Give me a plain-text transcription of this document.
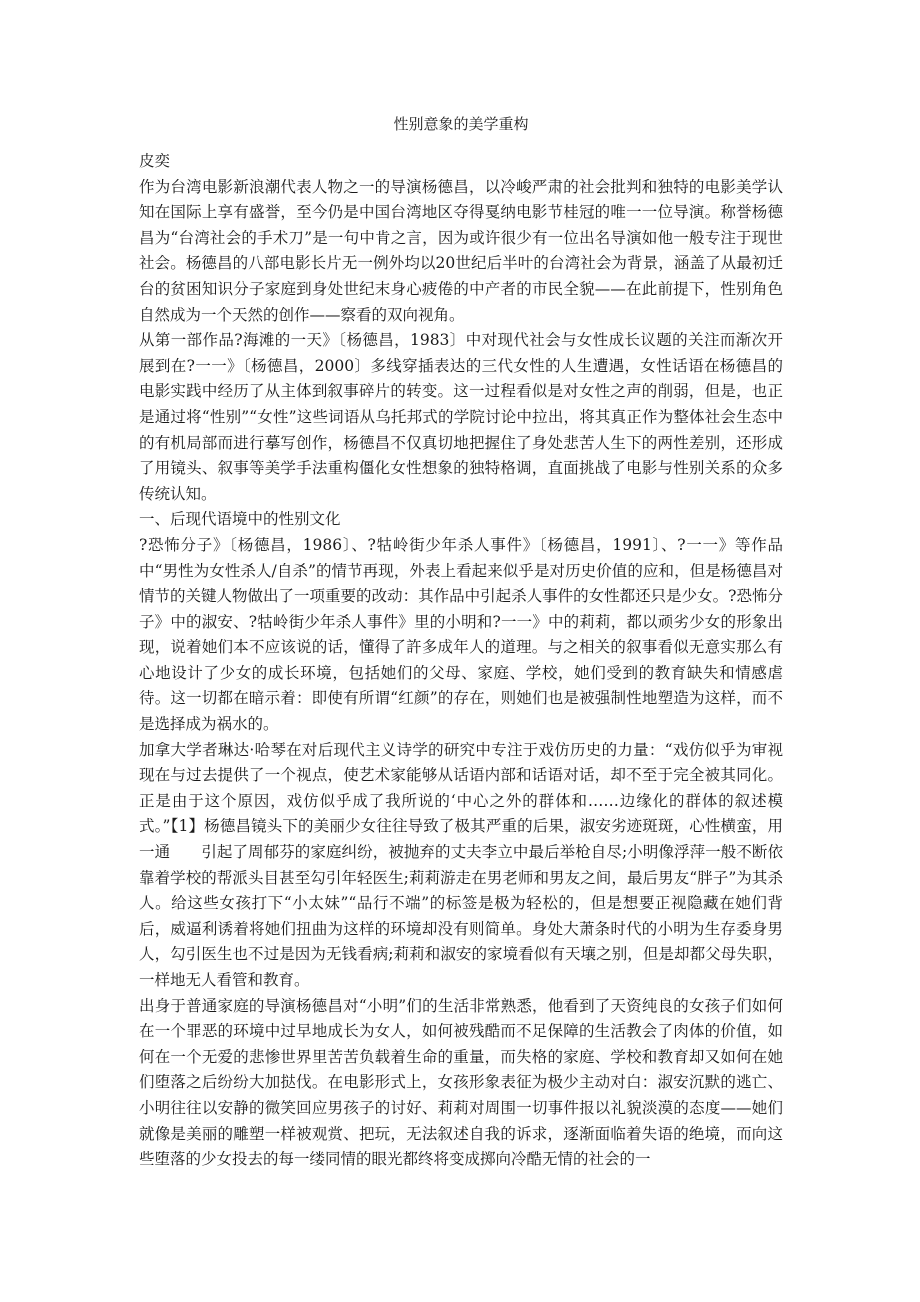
性别意象的美学重构

皮奕

作为台湾电影新浪潮代表人物之一的导演杨德昌，以冷峻严肃的社会批判和独特的电影美学认知在国际上享有盛誉，至今仍是中国台湾地区夺得戛纳电影节桂冠的唯一一位导演。称誉杨德昌为“台湾社会的手术刀”是一句中肯之言，因为或许很少有一位出名导演如他一般专注于现世社会。杨德昌的八部电影长片无一例外均以20世纪后半叶的台湾社会为背景，涵盖了从最初迁台的贫困知识分子家庭到身处世纪末身心疲倦的中产者的市民全貌——在此前提下，性别角色自然成为一个天然的创作——察看的双向视角。

从第一部作品?海滩的一天》〔杨德昌，1983〕中对现代社会与女性成长议题的关注而渐次开展到在?一一》〔杨德昌，2000〕多线穿插表达的三代女性的人生遭遇，女性话语在杨德昌的电影实践中经历了从主体到叙事碎片的转变。这一过程看似是对女性之声的削弱，但是，也正是通过将“性别”“女性”这些词语从乌托邦式的学院讨论中拉出，将其真正作为整体社会生态中的有机局部而进行摹写创作，杨德昌不仅真切地把握住了身处悲苦人生下的两性差别，还形成了用镜头、叙事等美学手法重构僵化女性想象的独特格调，直面挑战了电影与性别关系的众多传统认知。

一、后现代语境中的性别文化

?恐怖分子》〔杨德昌，1986〕、?牯岭街少年杀人事件》〔杨德昌，1991〕、?一一》等作品中“男性为女性杀人/自杀”的情节再现，外表上看起来似乎是对历史价值的应和，但是杨德昌对情节的关键人物做出了一项重要的改动：其作品中引起杀人事件的女性都还只是少女。?恐怖分子》中的淑安、?牯岭街少年杀人事件》里的小明和?一一》中的莉莉，都以顽劣少女的形象出现，说着她们本不应该说的话，懂得了許多成年人的道理。与之相关的叙事看似无意实那么有心地设计了少女的成长环境，包括她们的父母、家庭、学校，她们受到的教育缺失和情感虐待。这一切都在暗示着：即使有所谓“红颜”的存在，则她们也是被强制性地塑造为这样，而不是选择成为祸水的。

加拿大学者琳达·哈琴在对后现代主义诗学的研究中专注于戏仿历史的力量：“戏仿似乎为审视现在与过去提供了一个视点，使艺术家能够从话语内部和话语对话，却不至于完全被其同化。正是由于这个原因，戏仿似乎成了我所说的‘中心之外的群体和……边缘化的群体的叙述模式。”【1】杨德昌镜头下的美丽少女往往导致了极其严重的后果，淑安劣迹斑斑，心性横蛮，用一通　　引起了周郁芬的家庭纠纷，被抛弃的丈夫李立中最后举枪自尽;小明像浮萍一般不断依靠着学校的帮派头目甚至勾引年轻医生;莉莉游走在男老师和男友之间，最后男友“胖子”为其杀人。给这些女孩打下“小太妹”“品行不端”的标签是极为轻松的，但是想要正视隐藏在她们背后，威逼利诱着将她们扭曲为这样的环境却没有则简单。身处大萧条时代的小明为生存委身男人，勾引医生也不过是因为无钱看病;莉莉和淑安的家境看似有天壤之别，但是却都父母失职，一样地无人看管和教育。

出身于普通家庭的导演杨德昌对“小明”们的生活非常熟悉，他看到了天资纯良的女孩子们如何在一个罪恶的环境中过早地成长为女人，如何被残酷而不足保障的生活教会了肉体的价值，如何在一个无爱的悲惨世界里苦苦负载着生命的重量，而失格的家庭、学校和教育却又如何在她们堕落之后纷纷大加挞伐。在电影形式上，女孩形象表征为极少主动对白：淑安沉默的逃亡、小明往往以安静的微笑回应男孩子的讨好、莉莉对周围一切事件报以礼貌淡漠的态度——她们就像是美丽的雕塑一样被观赏、把玩，无法叙述自我的诉求，逐渐面临着失语的绝境，而向这些堕落的少女投去的每一缕同情的眼光都终将变成掷向冷酷无情的社会的一
